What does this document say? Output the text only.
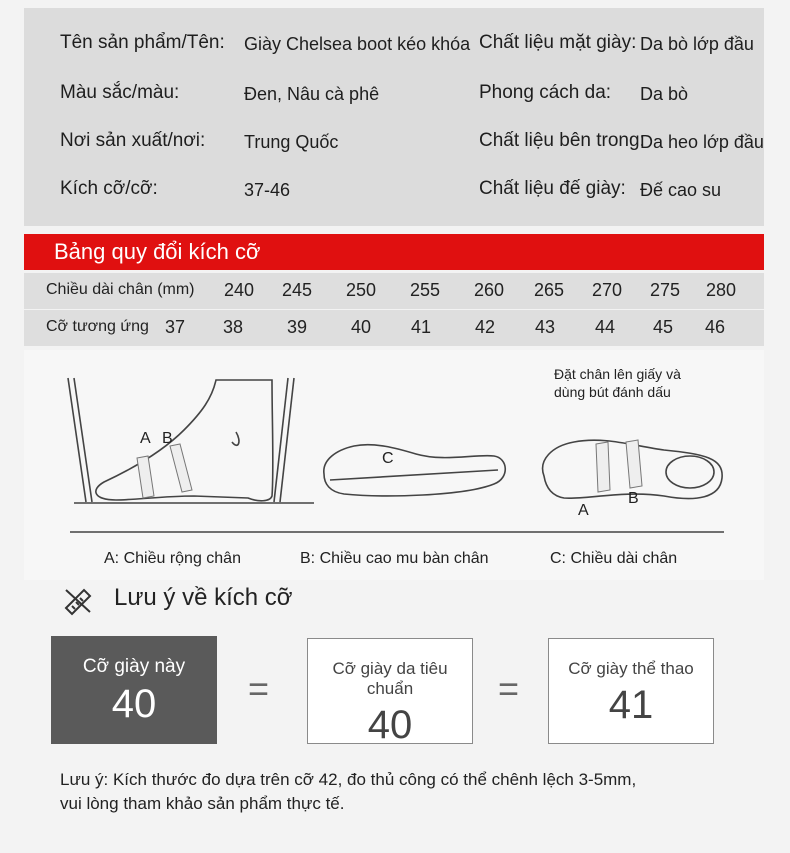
Tên sản phẩm/Tên: Giày Chelsea boot kéo khóa
Màu sắc/màu:	Đen, Nâu cà phê
Nơi sản xuất/nơi: Trung Quốc
Kích cỡ/cỡ:	37-46
Chất liệu mặt giày: Da bò lớp đầu
Phong cách da: Da bò
Chất liệu bên trong:
Da heo lớp đầu
Chất liệu đế giày: Đế cao su
Bảng quy đổi kích cỡ
Chiều dài chân (mm)	240	245	250	255	260	265	270	275	280
Cỡ tương ứng 37	38	39	40	41	42	43	44	45	46
A B
C
A
B
Đặt chân lên giấy và
dùng bút đánh dấu
A: Chiều rộng chân	B: Chiều cao mu bàn chân	C: Chiều dài chân
Lưu ý về kích cỡ
Cỡ giày này
40	=	Cỡ giày da tiêu chuẩn
40
=	Cỡ giày thể thao
41
Lưu ý: Kích thước đo dựa trên cỡ 42, đo thủ công có thể chênh lệch 3-5mm,
vui lòng tham khảo sản phẩm thực tế.
